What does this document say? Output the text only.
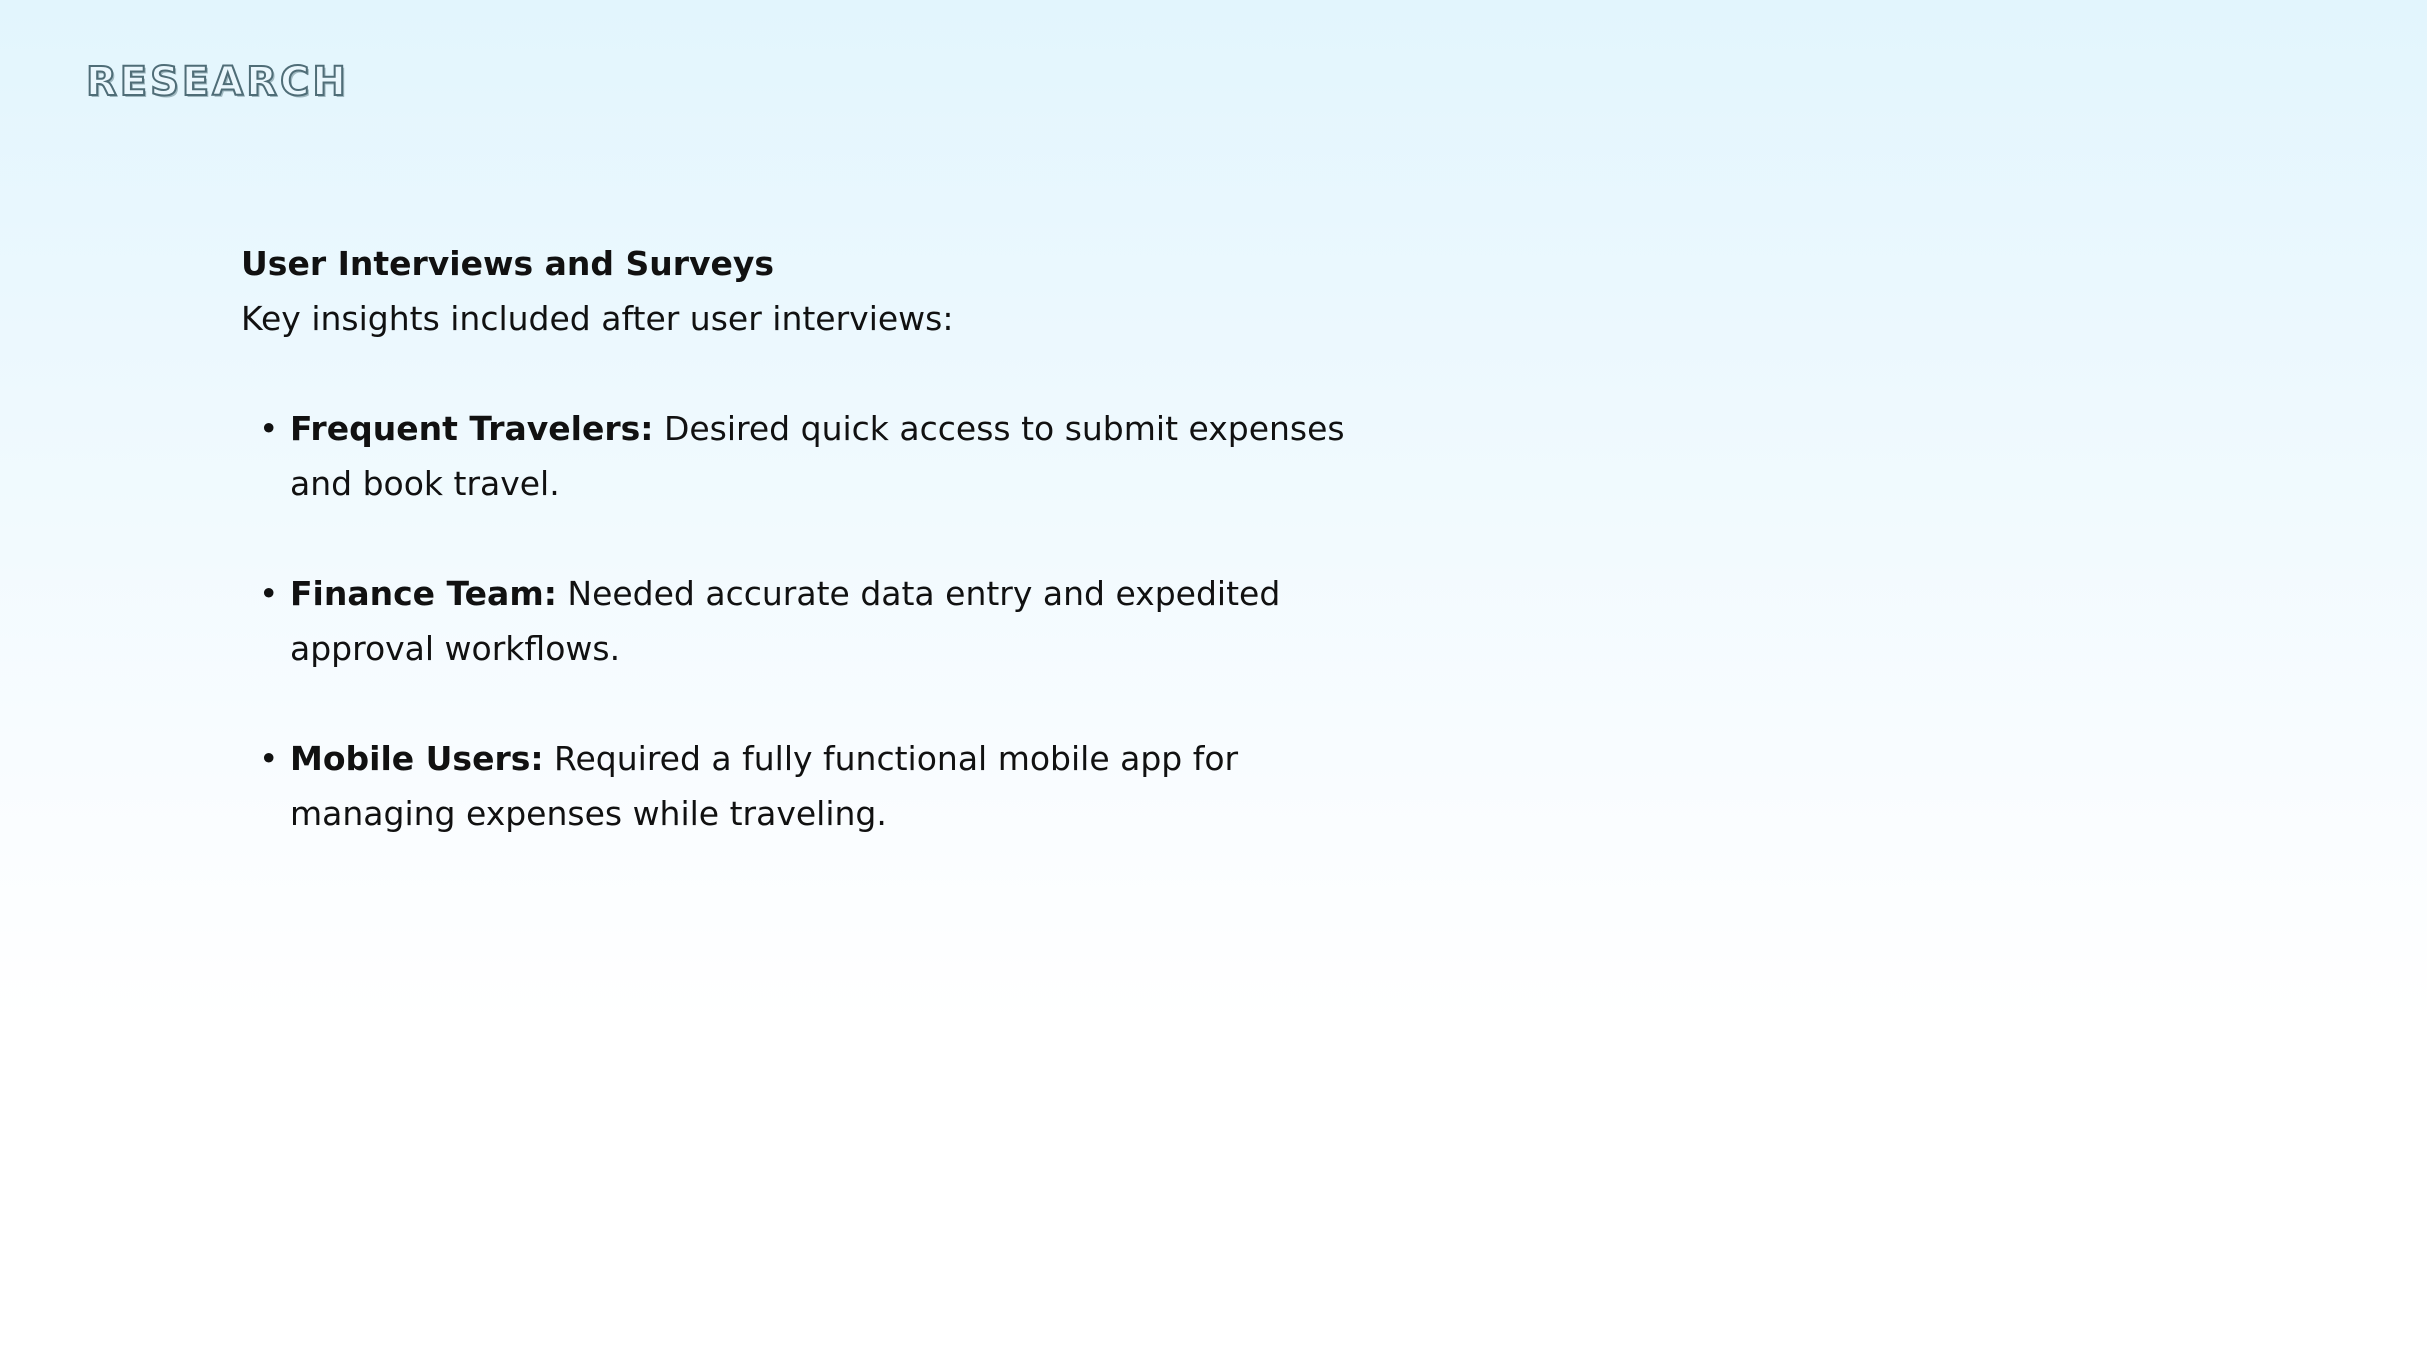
RESEARCH

User Interviews and Surveys

Key insights included after user interviews:

• Frequent Travelers: Desired quick access to submit expenses and book travel.
• Finance Team: Needed accurate data entry and expedited approval workflows.
• Mobile Users: Required a fully functional mobile app for managing expenses while traveling.
